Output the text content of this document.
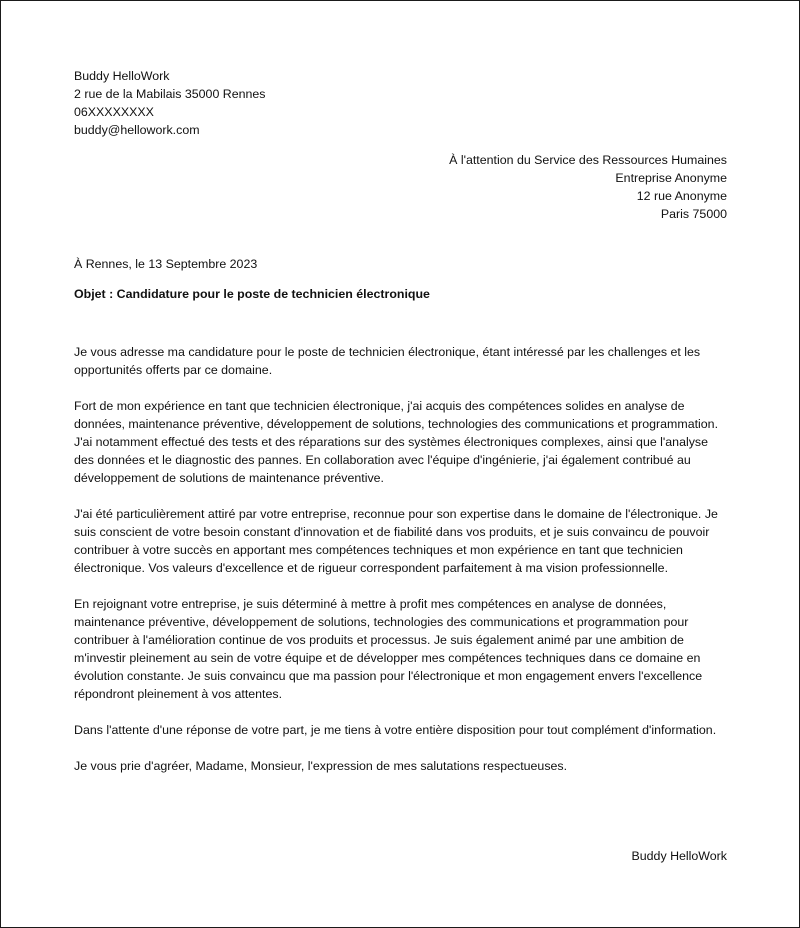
Buddy HelloWork
2 rue de la Mabilais 35000 Rennes
06XXXXXXXX
buddy@hellowork.com
À l'attention du Service des Ressources Humaines
Entreprise Anonyme
12 rue Anonyme
Paris 75000
À Rennes, le 13 Septembre 2023
Objet : Candidature pour le poste de technicien électronique

Je vous adresse ma candidature pour le poste de technicien électronique, étant intéressé par les challenges et les opportunités offerts par ce domaine.

Fort de mon expérience en tant que technicien électronique, j'ai acquis des compétences solides en analyse de données, maintenance préventive, développement de solutions, technologies des communications et programmation. J'ai notamment effectué des tests et des réparations sur des systèmes électroniques complexes, ainsi que l'analyse des données et le diagnostic des pannes. En collaboration avec l'équipe d'ingénierie, j'ai également contribué au développement de solutions de maintenance préventive.

J'ai été particulièrement attiré par votre entreprise, reconnue pour son expertise dans le domaine de l'électronique. Je suis conscient de votre besoin constant d'innovation et de fiabilité dans vos produits, et je suis convaincu de pouvoir contribuer à votre succès en apportant mes compétences techniques et mon expérience en tant que technicien électronique. Vos valeurs d'excellence et de rigueur correspondent parfaitement à ma vision professionnelle.

En rejoignant votre entreprise, je suis déterminé à mettre à profit mes compétences en analyse de données, maintenance préventive, développement de solutions, technologies des communications et programmation pour contribuer à l'amélioration continue de vos produits et processus. Je suis également animé par une ambition de m'investir pleinement au sein de votre équipe et de développer mes compétences techniques dans ce domaine en évolution constante. Je suis convaincu que ma passion pour l'électronique et mon engagement envers l'excellence répondront pleinement à vos attentes.

Dans l'attente d'une réponse de votre part, je me tiens à votre entière disposition pour tout complément d'information.

Je vous prie d'agréer, Madame, Monsieur, l'expression de mes salutations respectueuses.

Buddy HelloWork
